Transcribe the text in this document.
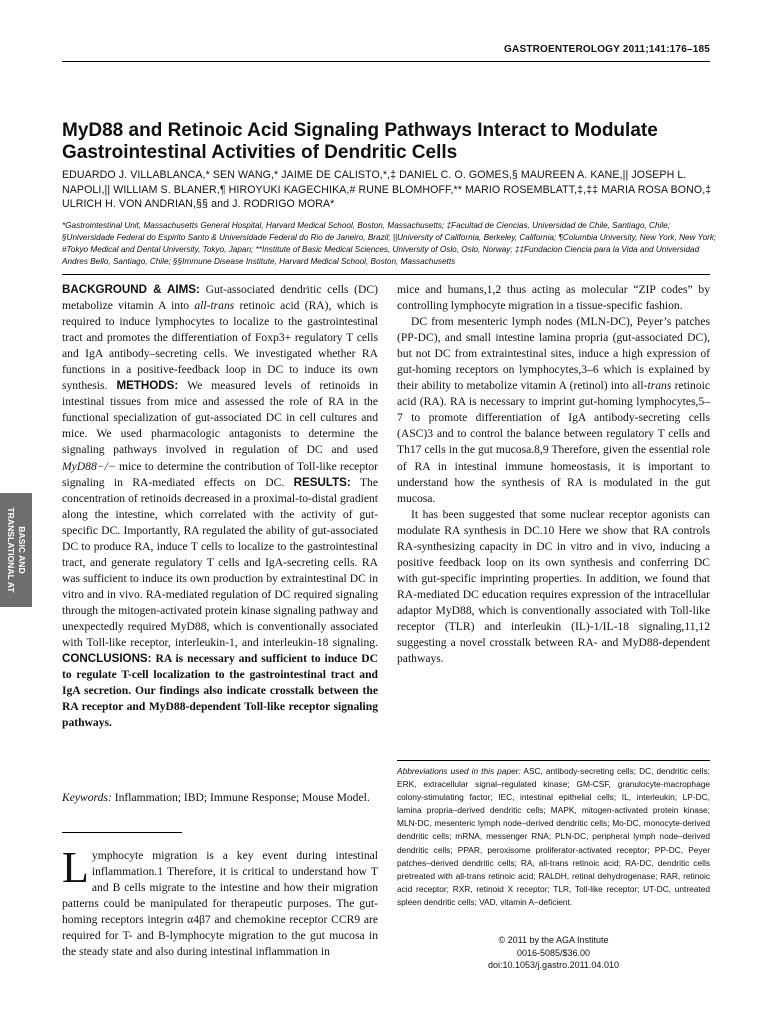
GASTROENTEROLOGY 2011;141:176–185
MyD88 and Retinoic Acid Signaling Pathways Interact to Modulate Gastrointestinal Activities of Dendritic Cells
EDUARDO J. VILLABLANCA,* SEN WANG,* JAIME DE CALISTO,*,‡ DANIEL C. O. GOMES,§ MAUREEN A. KANE,|| JOSEPH L. NAPOLI,|| WILLIAM S. BLANER,¶ HIROYUKI KAGECHIKA,# RUNE BLOMHOFF,** MARIO ROSEMBLATT,‡,‡‡ MARIA ROSA BONO,‡ ULRICH H. VON ANDRIAN,§§ and J. RODRIGO MORA*
*Gastrointestinal Unit, Massachusetts General Hospital, Harvard Medical School, Boston, Massachusetts; ‡Facultad de Ciencias, Universidad de Chile, Santiago, Chile; §Universidade Federal do Espirito Santo & Universidade Federal do Rio de Janeiro, Brazil; ||University of California, Berkeley, California; ¶Columbia University, New York, New York; #Tokyo Medical and Dental University, Tokyo, Japan; **Institute of Basic Medical Sciences, University of Oslo, Oslo, Norway; ‡‡Fundacion Ciencia para la Vida and Universidad Andres Bello, Santiago, Chile; §§Immune Disease Institute, Harvard Medical School, Boston, Massachusetts
BACKGROUND & AIMS: Gut-associated dendritic cells (DC) metabolize vitamin A into all-trans retinoic acid (RA), which is required to induce lymphocytes to localize to the gastrointestinal tract and promotes the differentiation of Foxp3+ regulatory T cells and IgA antibody–secreting cells. We investigated whether RA functions in a positive-feedback loop in DC to induce its own synthesis. METHODS: We measured levels of retinoids in intestinal tissues from mice and assessed the role of RA in the functional specialization of gut-associated DC in cell cultures and mice. We used pharmacologic antagonists to determine the signaling pathways involved in regulation of DC and used MyD88−/− mice to determine the contribution of Toll-like receptor signaling in RA-mediated effects on DC. RESULTS: The concentration of retinoids decreased in a proximal-to-distal gradient along the intestine, which correlated with the activity of gut-specific DC. Importantly, RA regulated the ability of gut-associated DC to produce RA, induce T cells to localize to the gastrointestinal tract, and generate regulatory T cells and IgA-secreting cells. RA was sufficient to induce its own production by extraintestinal DC in vitro and in vivo. RA-mediated regulation of DC required signaling through the mitogen-activated protein kinase signaling pathway and unexpectedly required MyD88, which is conventionally associated with Toll-like receptor, interleukin-1, and interleukin-18 signaling. CONCLUSIONS: RA is necessary and sufficient to induce DC to regulate T-cell localization to the gastrointestinal tract and IgA secretion. Our findings also indicate crosstalk between the RA receptor and MyD88-dependent Toll-like receptor signaling pathways.
Keywords: Inflammation; IBD; Immune Response; Mouse Model.
Lymphocyte migration is a key event during intestinal inflammation.1 Therefore, it is critical to understand how T and B cells migrate to the intestine and how their migration patterns could be manipulated for therapeutic purposes. The gut-homing receptors integrin α4β7 and chemokine receptor CCR9 are required for T- and B-lymphocyte migration to the gut mucosa in the steady state and also during intestinal inflammation in

mice and humans,1,2 thus acting as molecular “ZIP codes” by controlling lymphocyte migration in a tissue-specific fashion.

DC from mesenteric lymph nodes (MLN-DC), Peyer’s patches (PP-DC), and small intestine lamina propria (gut-associated DC), but not DC from extraintestinal sites, induce a high expression of gut-homing receptors on lymphocytes,3–6 which is explained by their ability to metabolize vitamin A (retinol) into all-trans retinoic acid (RA). RA is necessary to imprint gut-homing lymphocytes,5–7 to promote differentiation of IgA antibody-secreting cells (ASC)3 and to control the balance between regulatory T cells and Th17 cells in the gut mucosa.8,9 Therefore, given the essential role of RA in intestinal immune homeostasis, it is important to understand how the synthesis of RA is modulated in the gut mucosa.

It has been suggested that some nuclear receptor agonists can modulate RA synthesis in DC.10 Here we show that RA controls RA-synthesizing capacity in DC in vitro and in vivo, inducing a positive feedback loop on its own synthesis and conferring DC with gut-specific imprinting properties. In addition, we found that RA-mediated DC education requires expression of the intracellular adaptor MyD88, which is conventionally associated with Toll-like receptor (TLR) and interleukin (IL)-1/IL-18 signaling,11,12 suggesting a novel crosstalk between RA- and MyD88-dependent pathways.

Abbreviations used in this paper: ASC, antibody-secreting cells; DC, dendritic cells; ERK, extracellular signal–regulated kinase; GM-CSF, granulocyte-macrophage colony-stimulating factor; IEC, intestinal epithelial cells; IL, interleukin; LP-DC, lamina propria–derived dendritic cells; MAPK, mitogen-activated protein kinase; MLN-DC, mesenteric lymph node–derived dendritic cells; Mo-DC, monocyte-derived dendritic cells; mRNA, messenger RNA; PLN-DC, peripheral lymph node–derived dendritic cells; PPAR, peroxisome proliferator-activated receptor; PP-DC, Peyer patches–derived dendritic cells; RA, all-trans retinoic acid; RA-DC, dendritic cells pretreated with all-trans retinoic acid; RALDH, retinal dehydrogenase; RAR, retinoic acid receptor; RXR, retinoid X receptor; TLR, Toll-like receptor; UT-DC, untreated spleen dendritic cells; VAD, vitamin A–deficient.
© 2011 by the AGA Institute
0016-5085/$36.00
doi:10.1053/j.gastro.2011.04.010
BASIC AND
TRANSLATIONAL AT
